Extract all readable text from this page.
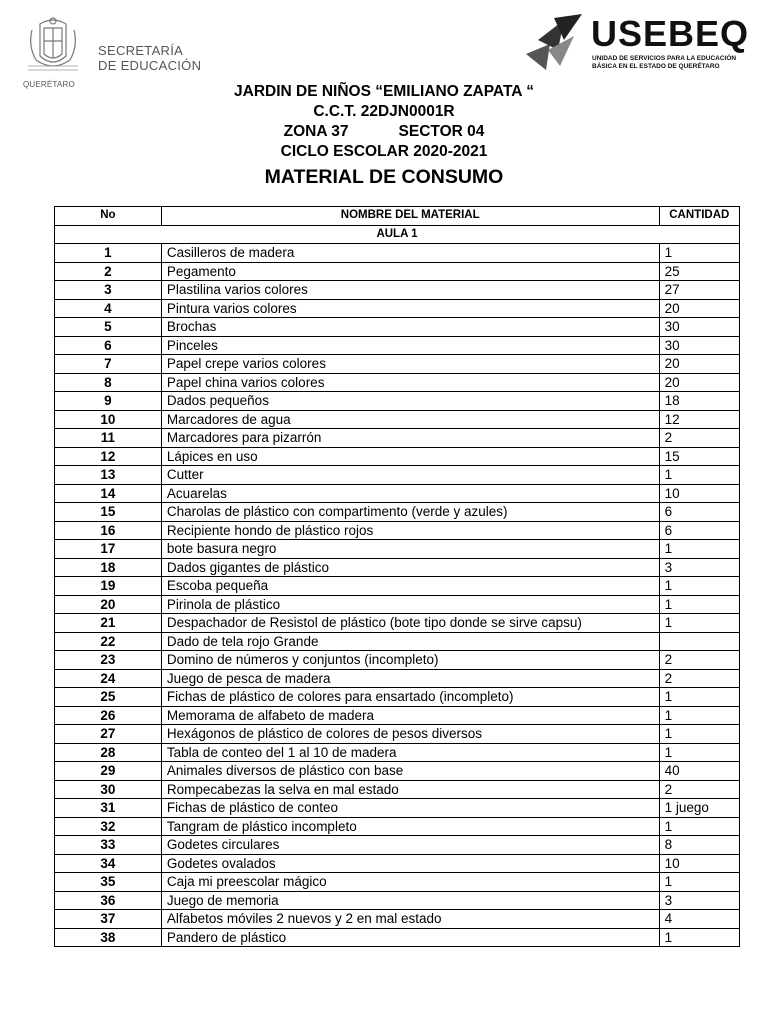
SECRETARÍA
DE EDUCACIÓN
QUERÉTARO
USEBEQ
UNIDAD DE SERVICIOS PARA LA EDUCACIÓN
BÁSICA EN EL ESTADO DE QUERÉTARO
JARDIN DE NIÑOS “EMILIANO ZAPATA “
C.C.T. 22DJN0001R
ZONA 37	SECTOR 04
CICLO ESCOLAR 2020-2021
MATERIAL DE CONSUMO
No	NOMBRE DEL MATERIAL	CANTIDAD
AULA 1		
1	Casilleros de madera	1
2	Pegamento	25
3	Plastilina varios colores	27
4	Pintura varios colores	20
5	Brochas	30
6	Pinceles	30
7	Papel crepe varios colores	20
8	Papel china varios colores	20
9	Dados pequeños	18
10	Marcadores de agua	12
11	Marcadores para pizarrón	2
12	Lápices en uso	15
13	Cutter	1
14	Acuarelas	10
15	Charolas de plástico con compartimento (verde y azules)	6
16	Recipiente hondo de plástico rojos	6
17	bote basura negro	1
18	Dados gigantes de plástico	3
19	Escoba pequeña	1
20	Pirinola de plástico	1
21	Despachador de Resistol de plástico (bote tipo donde se sirve capsu)	1
22	Dado de tela rojo Grande	
23	Domino de números y conjuntos (incompleto)	2
24	Juego de pesca de madera	2
25	Fichas de plástico de colores para ensartado (incompleto)	1
26	Memorama de alfabeto de madera	1
27	Hexágonos de plástico de colores de pesos diversos	1
28	Tabla de conteo del 1 al 10 de madera	1
29	Animales diversos de plástico con base	40
30	Rompecabezas la selva en mal estado	2
31	Fichas de plástico de conteo	1 juego
32	Tangram de plástico incompleto	1
33	Godetes circulares	8
34	Godetes ovalados	10
35	Caja mi preescolar mágico	1
36	Juego de memoria	3
37	Alfabetos móviles 2 nuevos y 2 en mal estado	4
38	Pandero de plástico	1
